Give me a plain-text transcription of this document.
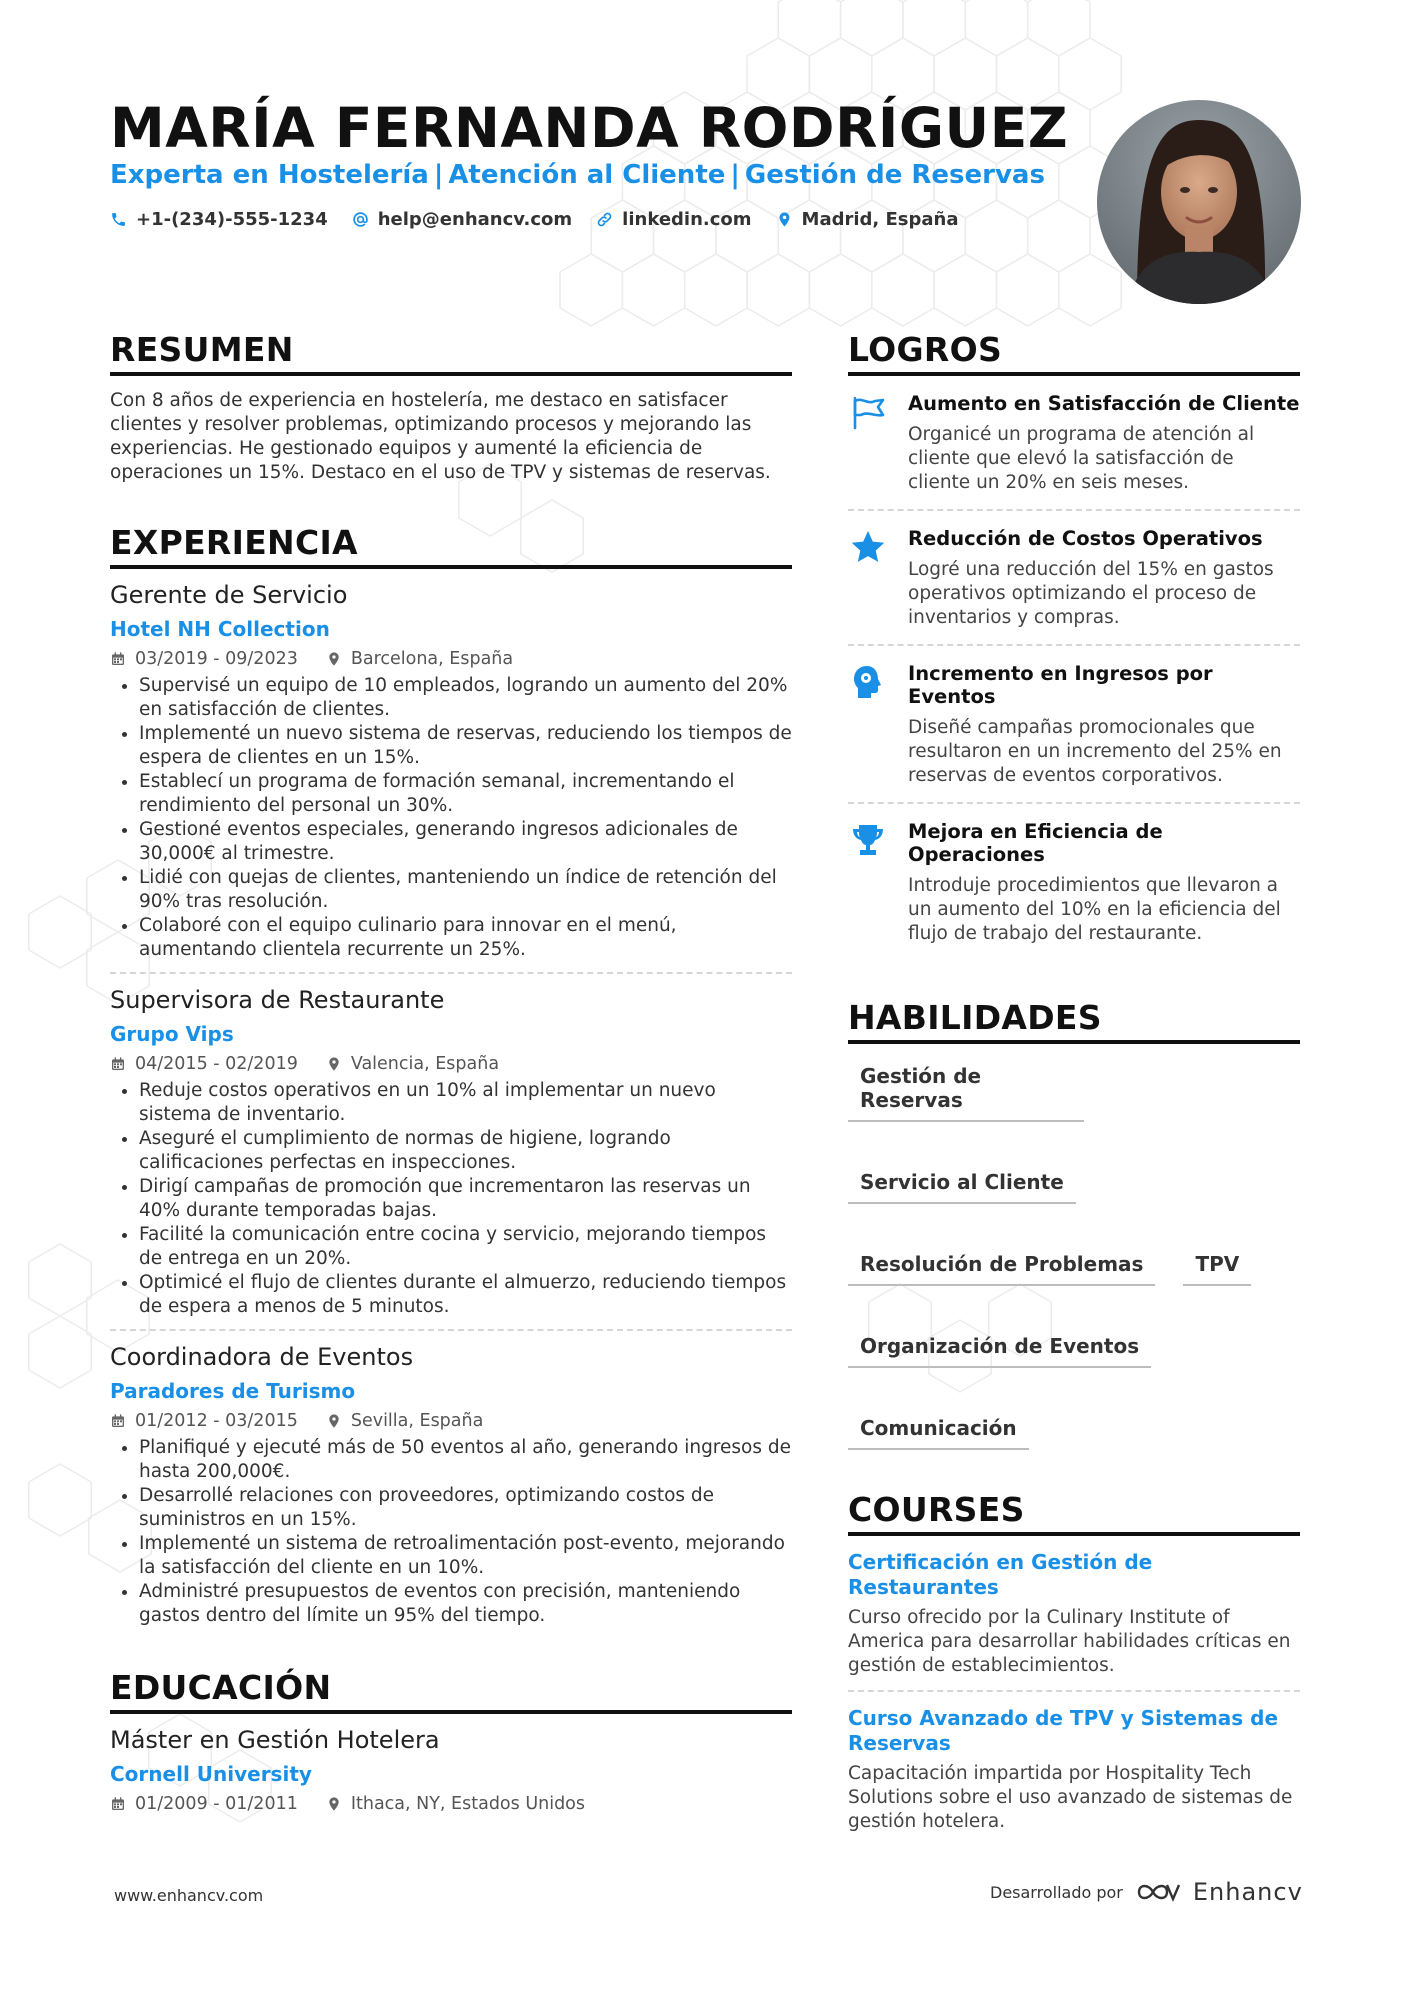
MARÍA FERNANDA RODRÍGUEZ
Experta en Hostelería | Atención al Cliente | Gestión de Reservas
+1-(234)-555-1234	help@enhancv.com	linkedin.com	Madrid, España
RESUMEN

Con 8 años de experiencia en hostelería, me destaco en satisfacer clientes y resolver problemas, optimizando procesos y mejorando las experiencias. He gestionado equipos y aumenté la eficiencia de operaciones un 15%. Destaco en el uso de TPV y sistemas de reservas.

EXPERIENCIA
Gerente de Servicio
Hotel NH Collection
03/2019 - 09/2023	Barcelona, España
• Supervisé un equipo de 10 empleados, logrando un aumento del 20% en satisfacción de clientes.
• Implementé un nuevo sistema de reservas, reduciendo los tiempos de espera de clientes en un 15%.
• Establecí un programa de formación semanal, incrementando el rendimiento del personal un 30%.
• Gestioné eventos especiales, generando ingresos adicionales de 30,000€ al trimestre.
• Lidié con quejas de clientes, manteniendo un índice de retención del 90% tras resolución.
• Colaboré con el equipo culinario para innovar en el menú, aumentando clientela recurrente un 25%.
Supervisora de Restaurante
Grupo Vips
04/2015 - 02/2019	Valencia, España
• Reduje costos operativos en un 10% al implementar un nuevo sistema de inventario.
• Aseguré el cumplimiento de normas de higiene, logrando calificaciones perfectas en inspecciones.
• Dirigí campañas de promoción que incrementaron las reservas un 40% durante temporadas bajas.
• Facilité la comunicación entre cocina y servicio, mejorando tiempos de entrega en un 20%.
• Optimicé el flujo de clientes durante el almuerzo, reduciendo tiempos de espera a menos de 5 minutos.
Coordinadora de Eventos
Paradores de Turismo
01/2012 - 03/2015	Sevilla, España
• Planifiqué y ejecuté más de 50 eventos al año, generando ingresos de hasta 200,000€.
• Desarrollé relaciones con proveedores, optimizando costos de suministros en un 15%.
• Implementé un sistema de retroalimentación post-evento, mejorando la satisfacción del cliente en un 10%.
• Administré presupuestos de eventos con precisión, manteniendo gastos dentro del límite un 95% del tiempo.
EDUCACIÓN
Máster en Gestión Hotelera
Cornell University
01/2009 - 01/2011	Ithaca, NY, Estados Unidos
LOGROS
Aumento en Satisfacción de Cliente
Organicé un programa de atención al cliente que elevó la satisfacción de cliente un 20% en seis meses.
Reducción de Costos Operativos
Logré una reducción del 15% en gastos operativos optimizando el proceso de inventarios y compras.
Incremento en Ingresos por Eventos
Diseñé campañas promocionales que resultaron en un incremento del 25% en reservas de eventos corporativos.
Mejora en Eficiencia de Operaciones
Introduje procedimientos que llevaron a un aumento del 10% en la eficiencia del flujo de trabajo del restaurante.
HABILIDADES
Gestión de Reservas
Servicio al Cliente
Resolución de Problemas	TPV
Organización de Eventos
Comunicación
COURSES
Certificación en Gestión de Restaurantes
Curso ofrecido por la Culinary Institute of America para desarrollar habilidades críticas en gestión de establecimientos.
Curso Avanzado de TPV y Sistemas de Reservas
Capacitación impartida por Hospitality Tech Solutions sobre el uso avanzado de sistemas de gestión hotelera.
www.enhancv.com	Desarrollado por	Enhancv
